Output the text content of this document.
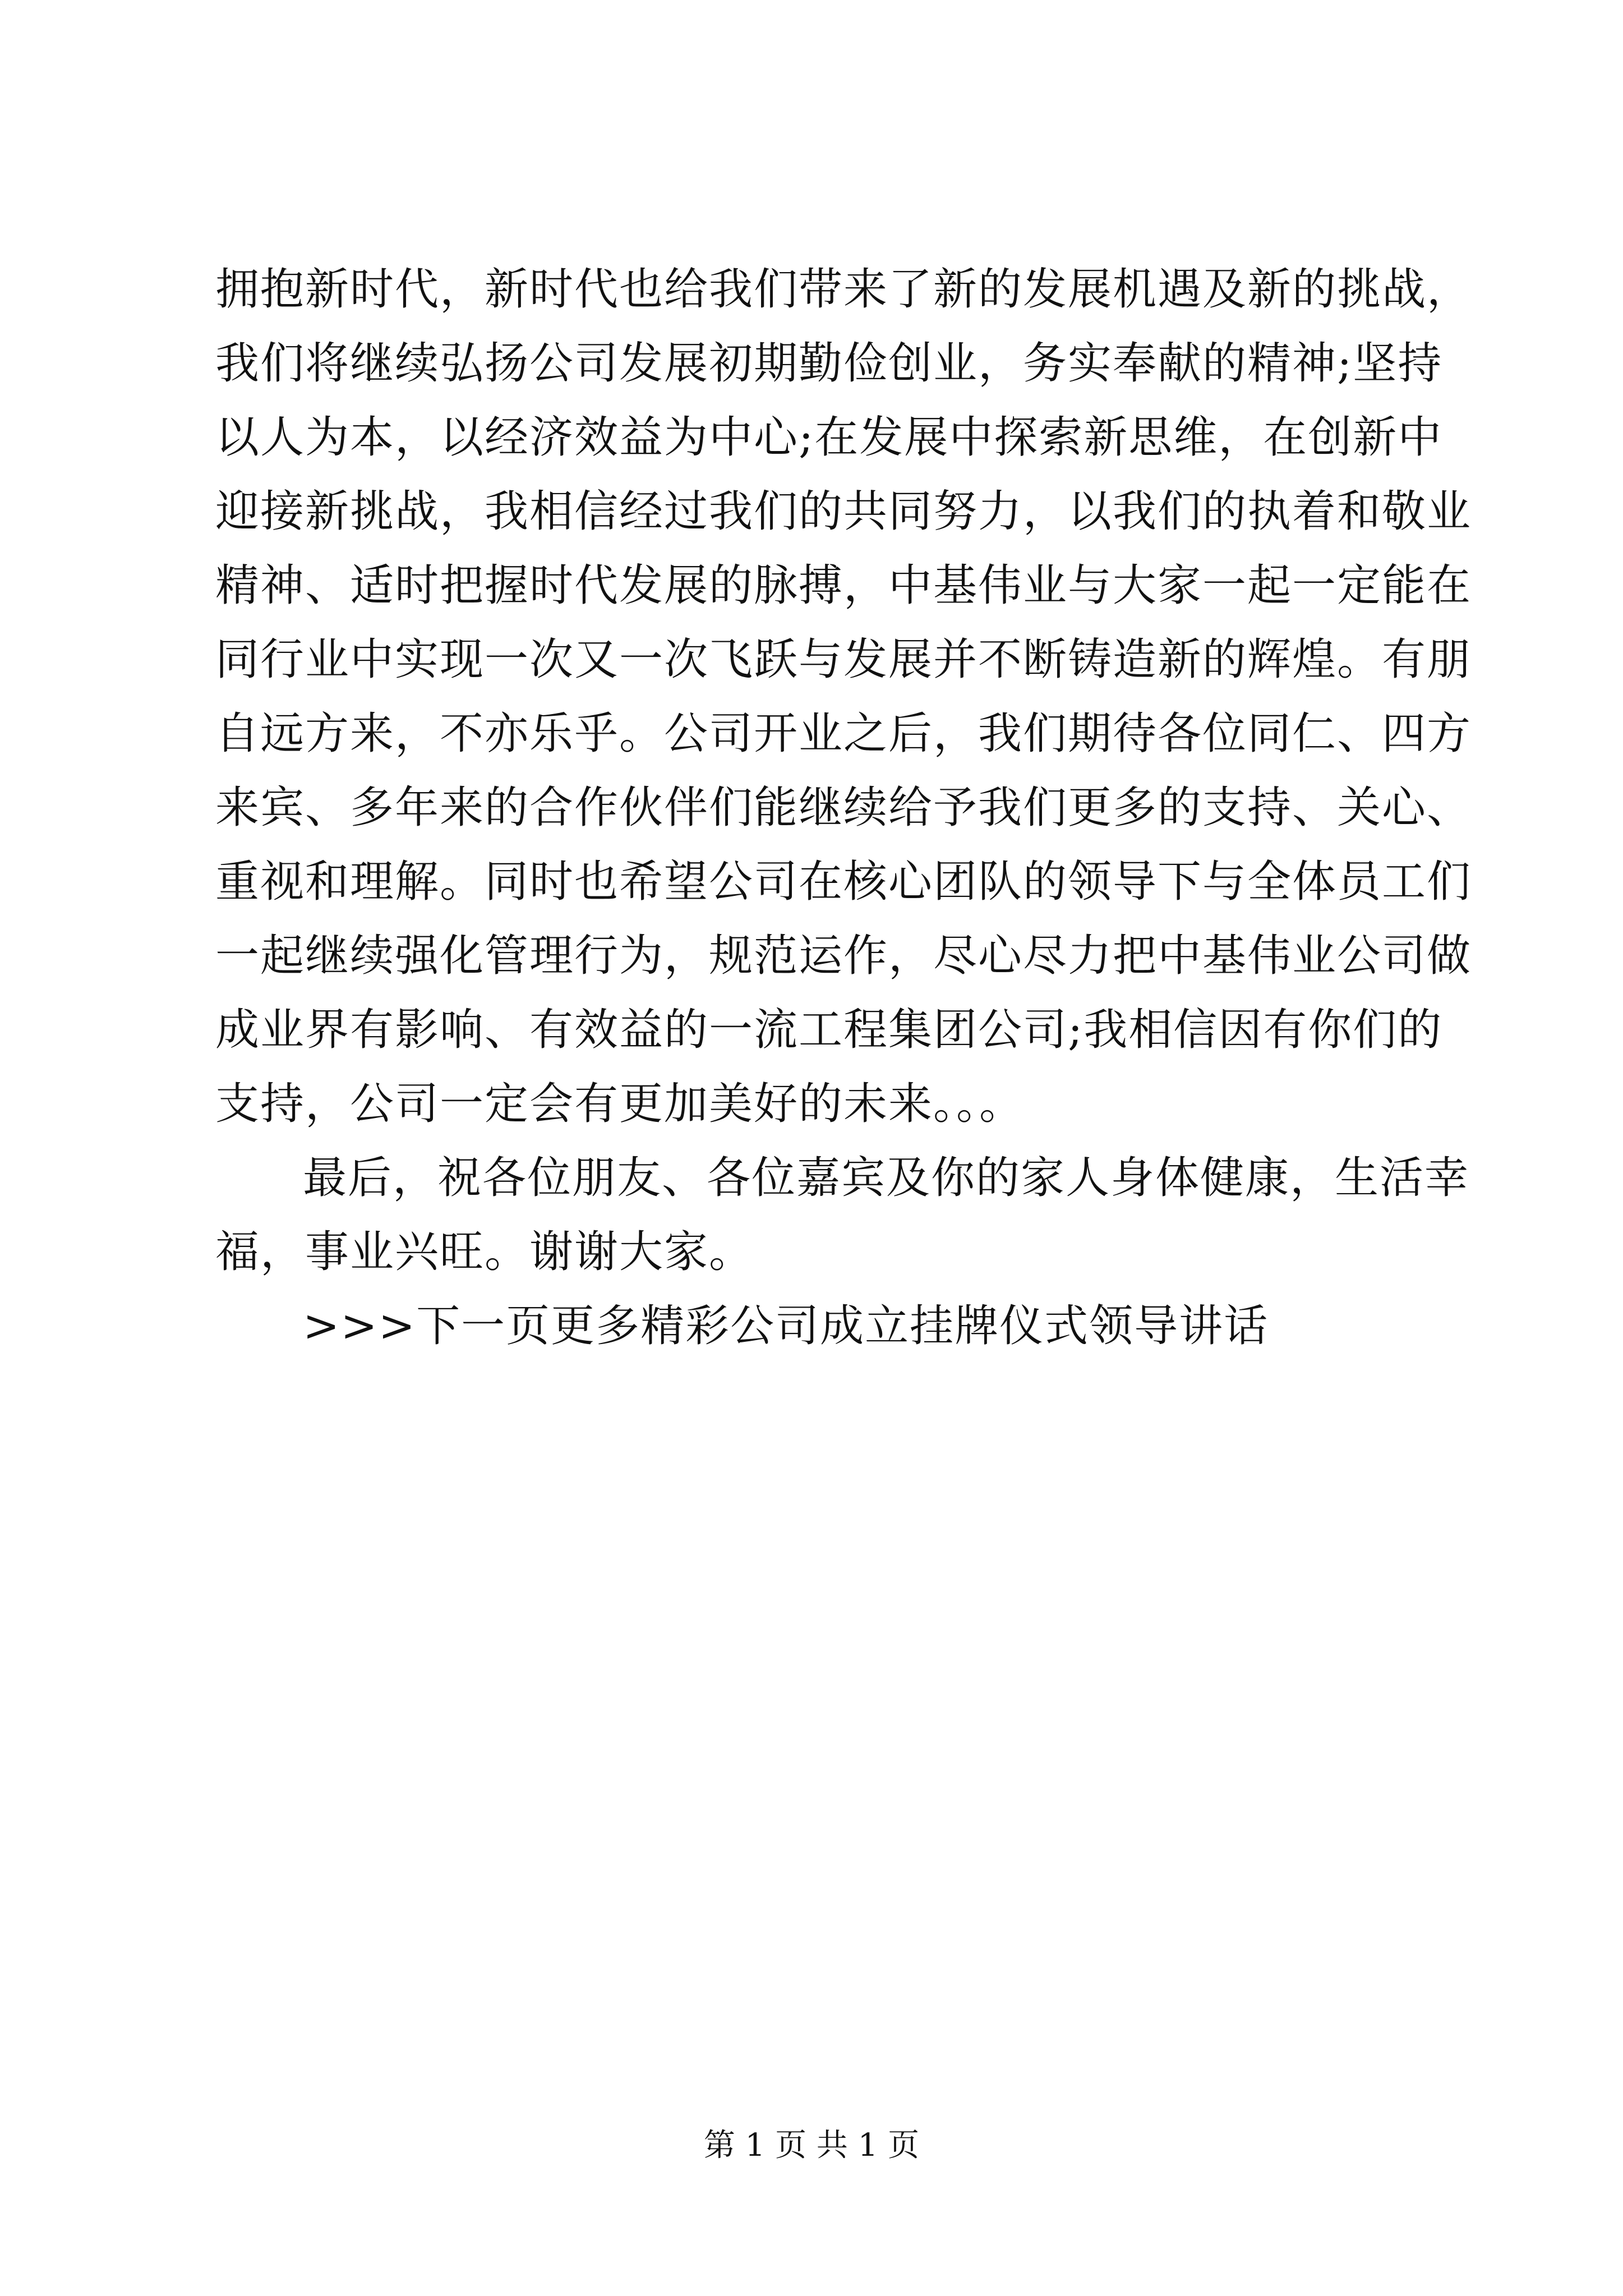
拥抱新时代，新时代也给我们带来了新的发展机遇及新的挑战，
我们将继续弘扬公司发展初期勤俭创业，务实奉献的精神;坚持
以人为本，以经济效益为中心;在发展中探索新思维，在创新中
迎接新挑战，我相信经过我们的共同努力，以我们的执着和敬业
精神、适时把握时代发展的脉搏，中基伟业与大家一起一定能在
同行业中实现一次又一次飞跃与发展并不断铸造新的辉煌。有朋
自远方来，不亦乐乎。公司开业之后，我们期待各位同仁、四方
来宾、多年来的合作伙伴们能继续给予我们更多的支持、关心、
重视和理解。同时也希望公司在核心团队的领导下与全体员工们
一起继续强化管理行为，规范运作，尽心尽力把中基伟业公司做
成业界有影响、有效益的一流工程集团公司;我相信因有你们的
支持，公司一定会有更加美好的未来。。。
最后，祝各位朋友、各位嘉宾及你的家人身体健康，生活幸
福，事业兴旺。谢谢大家。
>>>下一页更多精彩公司成立挂牌仪式领导讲话
第 1 页 共 1 页
